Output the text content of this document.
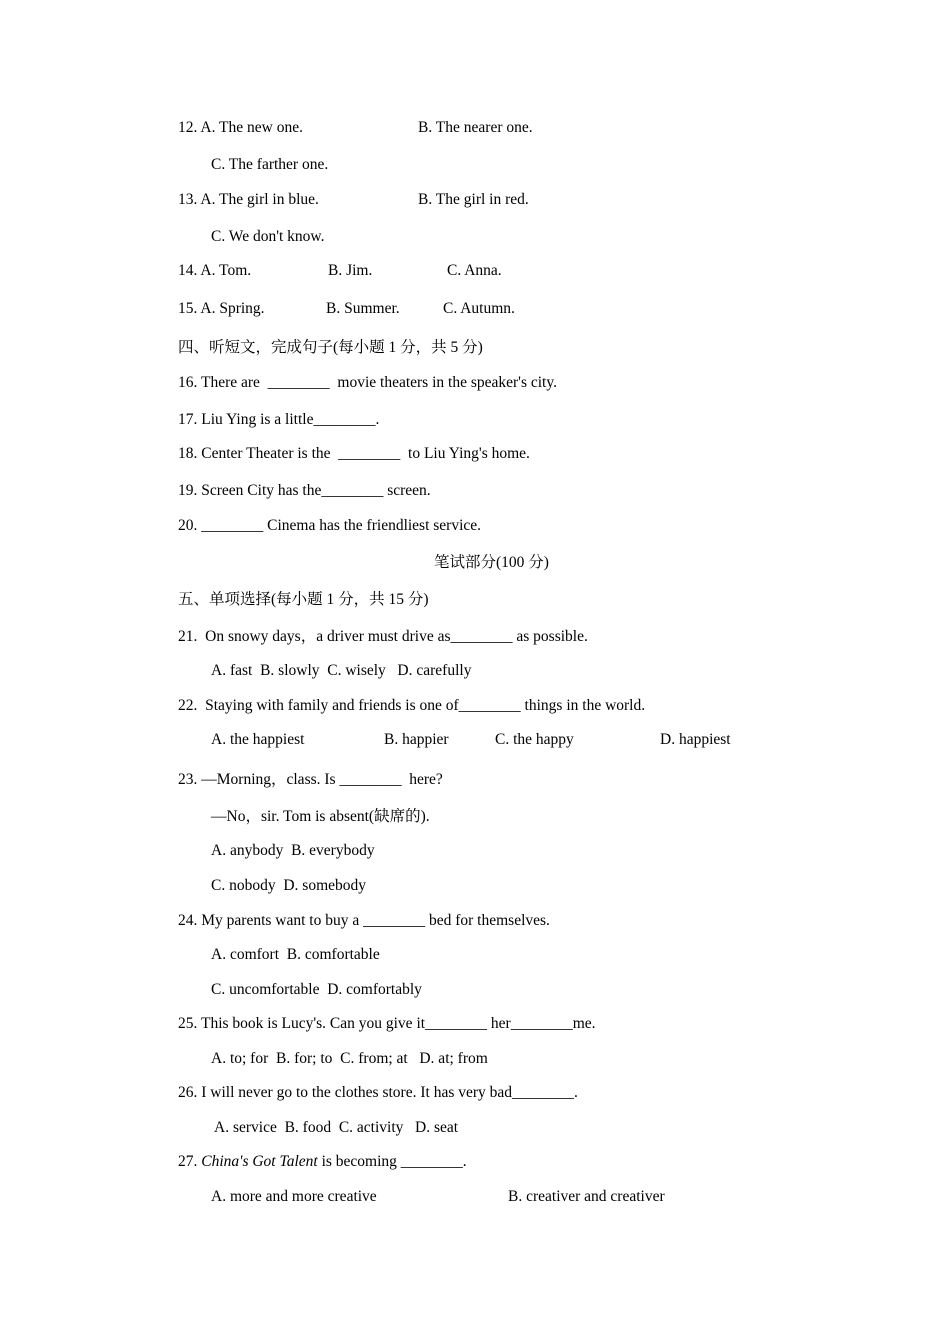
12. A. The new one.	B. The nearer one.
C. The farther one.
13. A. The girl in blue.	B. The girl in red.
C. We don't know.
14. A. Tom.	B. Jim.	C. Anna.
15. A. Spring.	B. Summer.	C. Autumn.
四、听短文，完成句子(每小题 1 分，共 5 分)
16. There are  ________  movie theaters in the speaker's city.
17. Liu Ying is a little________.
18. Center Theater is the  ________  to Liu Ying's home.
19. Screen City has the________ screen.
20. ________ Cinema has the friendliest service.
笔试部分(100 分)
五、单项选择(每小题 1 分，共 15 分)
21.  On snowy days，a driver must drive as________ as possible.
A. fast  B. slowly  C. wisely   D. carefully
22.  Staying with family and friends is one of________ things in the world.
A. the happiest	B. happier	C. the happy	D. happiest
23. —Morning，class. Is ________  here?
—No，sir. Tom is absent(缺席的).
A. anybody  B. everybody
C. nobody  D. somebody
24. My parents want to buy a ________ bed for themselves.
A. comfort  B. comfortable
C. uncomfortable  D. comfortably
25. This book is Lucy's. Can you give it________ her________me.
A. to; for  B. for; to  C. from; at   D. at; from
26. I will never go to the clothes store. It has very bad________.
A. service  B. food  C. activity   D. seat
27. China's Got Talent is becoming ________.
A. more and more creative	B. creativer and creativer
